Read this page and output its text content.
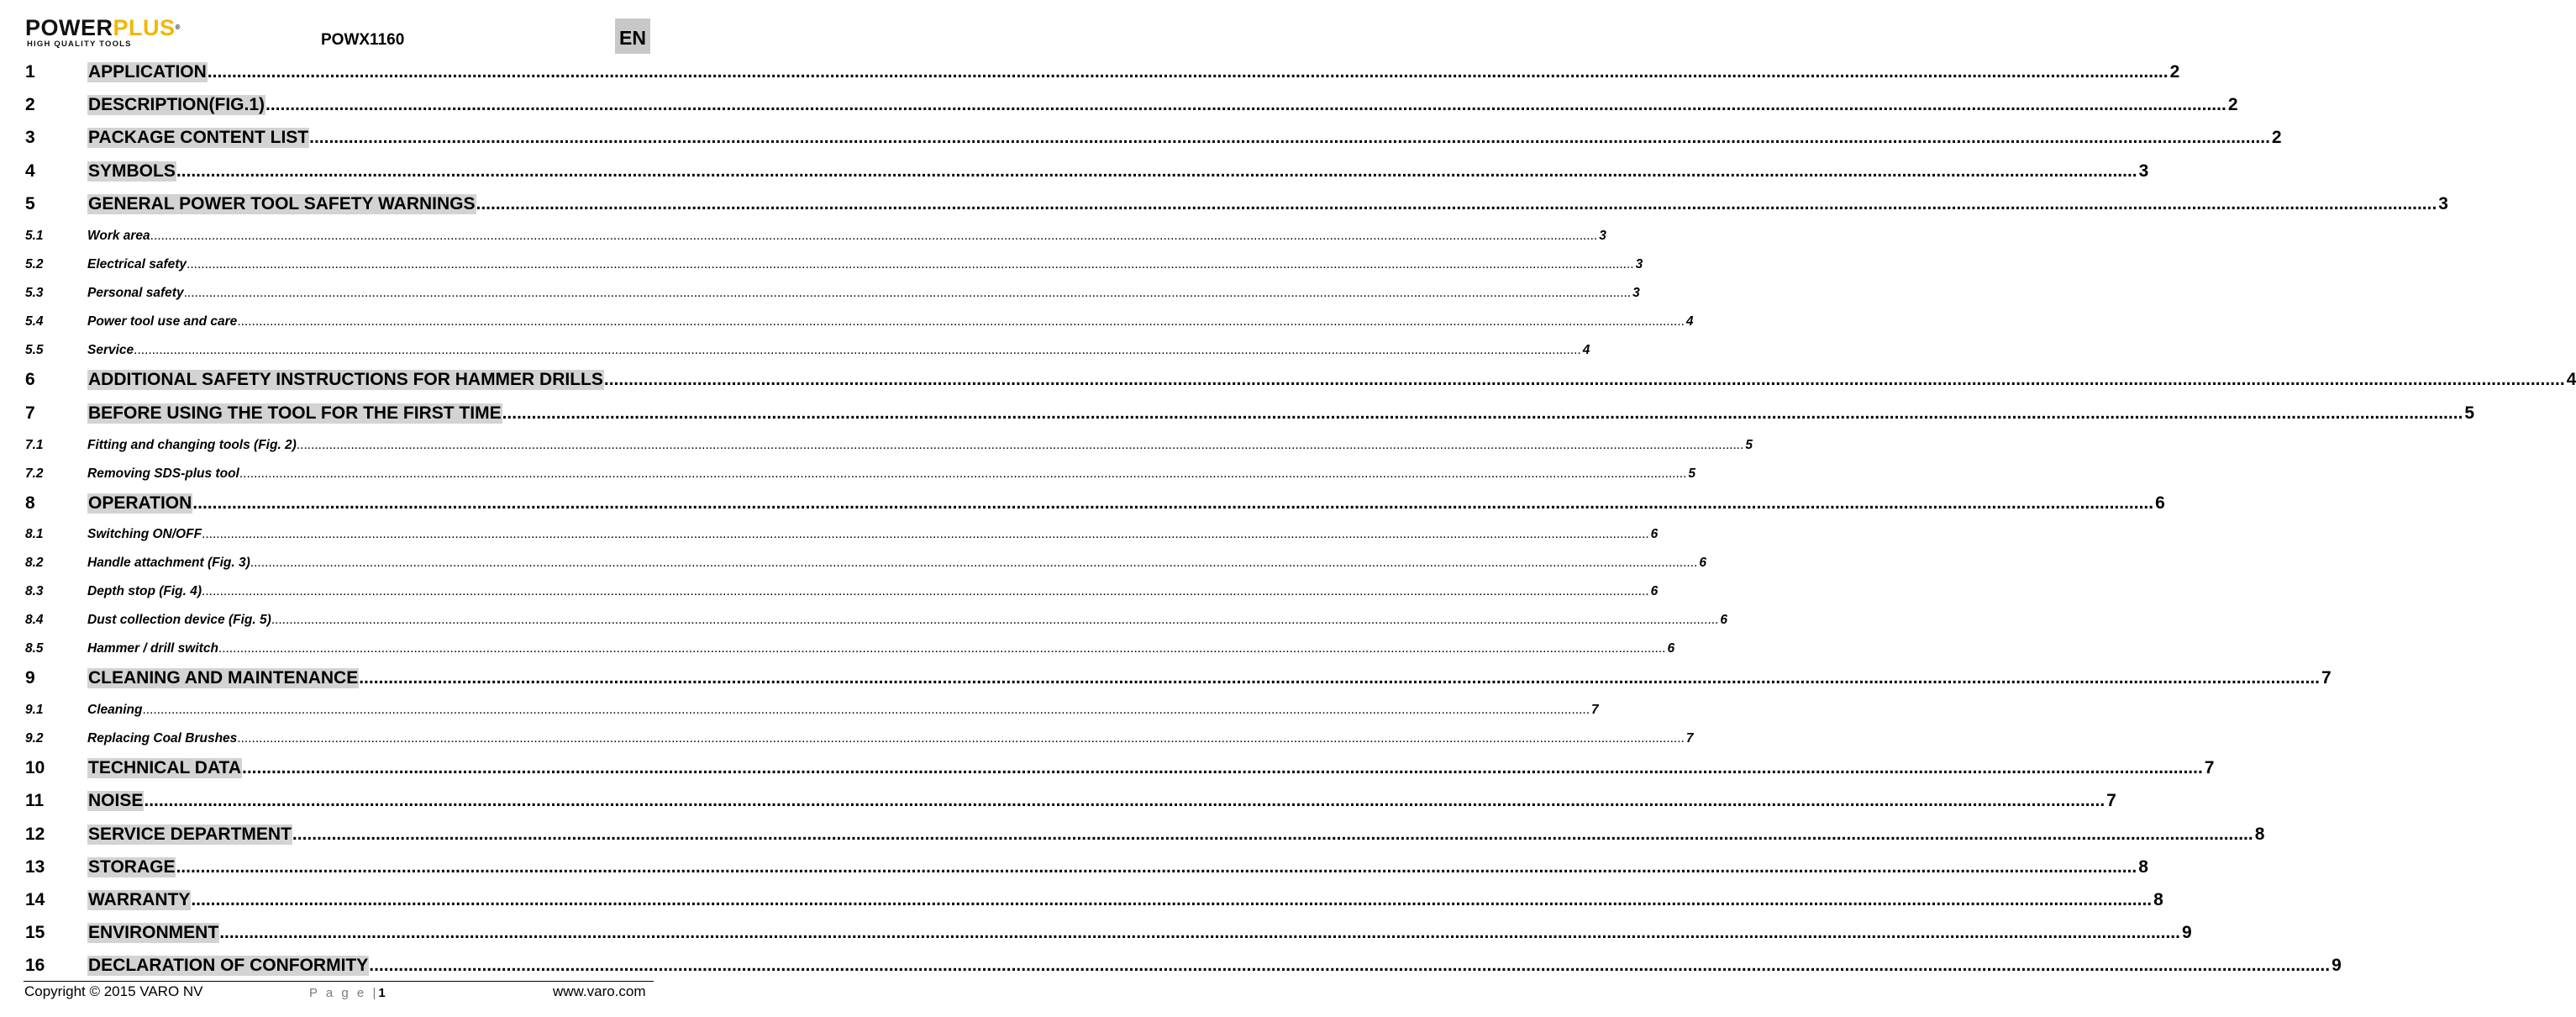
POWERPLUS®
HIGH QUALITY TOOLS	POWX1160	EN
1	APPLICATION ................................................................................................................................................................................................................................................................................................................................................................................................................ 2
2	DESCRIPTION(FIG.1) ................................................................................................................................................................................................................................................................................................................................................................................................................ 2
3	PACKAGE CONTENT LIST ................................................................................................................................................................................................................................................................................................................................................................................................................ 2
4	SYMBOLS ................................................................................................................................................................................................................................................................................................................................................................................................................ 3
5	GENERAL POWER TOOL SAFETY WARNINGS ................................................................................................................................................................................................................................................................................................................................................................................................................ 3
5.1	Work area ................................................................................................................................................................................................................................................................................................................................................................................................................ 3
5.2	Electrical safety ................................................................................................................................................................................................................................................................................................................................................................................................................ 3
5.3	Personal safety ................................................................................................................................................................................................................................................................................................................................................................................................................ 3
5.4	Power tool use and care ................................................................................................................................................................................................................................................................................................................................................................................................................ 4
5.5	Service ................................................................................................................................................................................................................................................................................................................................................................................................................ 4
6	ADDITIONAL SAFETY INSTRUCTIONS FOR HAMMER DRILLS ................................................................................................................................................................................................................................................................................................................................................................................................................ 4
7	BEFORE USING THE TOOL FOR THE FIRST TIME ................................................................................................................................................................................................................................................................................................................................................................................................................ 5
7.1	Fitting and changing tools (Fig. 2) ................................................................................................................................................................................................................................................................................................................................................................................................................ 5
7.2	Removing SDS-plus tool ................................................................................................................................................................................................................................................................................................................................................................................................................ 5
8	OPERATION ................................................................................................................................................................................................................................................................................................................................................................................................................ 6
8.1	Switching ON/OFF ................................................................................................................................................................................................................................................................................................................................................................................................................ 6
8.2	Handle attachment (Fig. 3) ................................................................................................................................................................................................................................................................................................................................................................................................................ 6
8.3	Depth stop (Fig. 4) ................................................................................................................................................................................................................................................................................................................................................................................................................ 6
8.4	Dust collection device (Fig. 5) ................................................................................................................................................................................................................................................................................................................................................................................................................ 6
8.5	Hammer / drill switch ................................................................................................................................................................................................................................................................................................................................................................................................................ 6
9	CLEANING AND MAINTENANCE ................................................................................................................................................................................................................................................................................................................................................................................................................ 7
9.1	Cleaning ................................................................................................................................................................................................................................................................................................................................................................................................................ 7
9.2	Replacing Coal Brushes ................................................................................................................................................................................................................................................................................................................................................................................................................ 7
10	TECHNICAL DATA ................................................................................................................................................................................................................................................................................................................................................................................................................ 7
11	NOISE ................................................................................................................................................................................................................................................................................................................................................................................................................ 7
12	SERVICE DEPARTMENT ................................................................................................................................................................................................................................................................................................................................................................................................................ 8
13	STORAGE ................................................................................................................................................................................................................................................................................................................................................................................................................ 8
14	WARRANTY ................................................................................................................................................................................................................................................................................................................................................................................................................ 8
15	ENVIRONMENT ................................................................................................................................................................................................................................................................................................................................................................................................................ 9
16	DECLARATION OF CONFORMITY ................................................................................................................................................................................................................................................................................................................................................................................................................ 9
Copyright © 2015 VARO NV	P a g e |1	www.varo.com
